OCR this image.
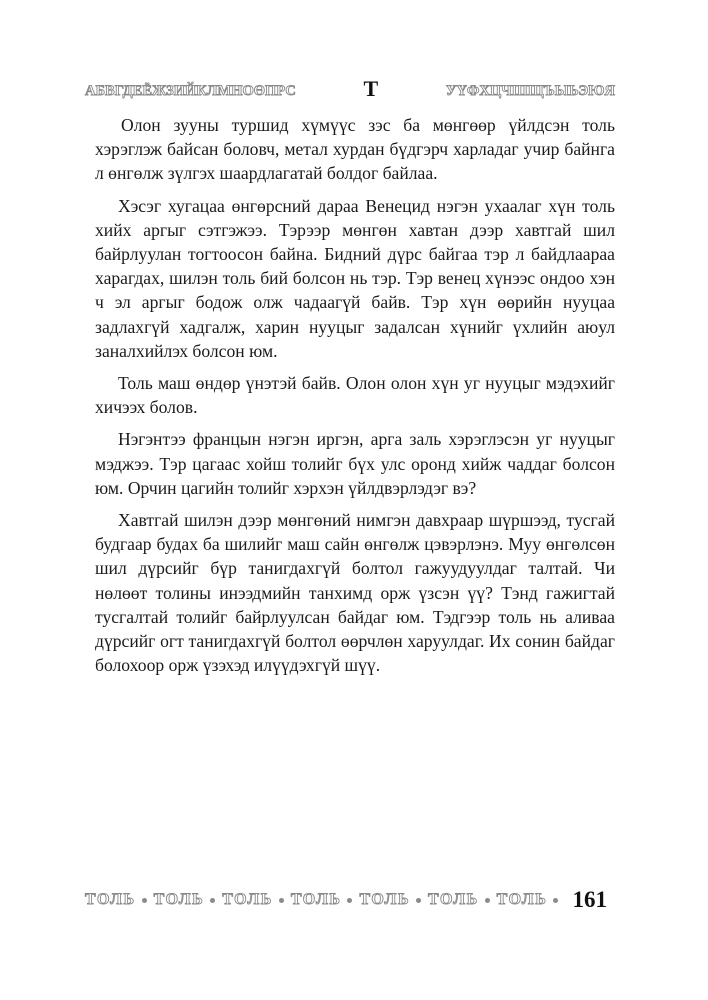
АБВГДЕЁЖЗИЙКЛМНОӨПРС	Т	УҮФХЦЧШЩЪЫЬЭЮЯ

Олон зууны туршид хүмүүс зэс ба мөнгөөр үйлдсэн толь хэрэглэж байсан боловч, метал хурдан бүдгэрч харладаг учир байнга л өнгөлж зүлгэх шаардлагатай болдог байлаа.

Хэсэг хугацаа өнгөрсний дараа Венецид нэгэн ухаалаг хүн толь хийх аргыг сэтгэжээ. Тэрээр мөнгөн хавтан дээр хавтгай шил байрлуулан тогтоосон байна. Бидний дүрс байгаа тэр л байдлаараа харагдах, шилэн толь бий болсон нь тэр. Тэр венец хүнээс ондоо хэн ч эл аргыг бодож олж чадаагүй байв. Тэр хүн өөрийн нууцаа задлахгүй хадгалж, харин нууцыг задалсан хүнийг үхлийн аюул заналхийлэх болсон юм.

Толь маш өндөр үнэтэй байв. Олон олон хүн уг нууцыг мэдэхийг хичээх болов.

Нэгэнтээ францын нэгэн иргэн, арга заль хэрэглэсэн уг нууцыг мэджээ. Тэр цагаас хойш толийг бүх улс оронд хийж чаддаг болсон юм. Орчин цагийн толийг хэрхэн үйлдвэрлэдэг вэ?

Хавтгай шилэн дээр мөнгөний нимгэн давхраар шүршээд, тусгай будгаар будах ба шилийг маш сайн өнгөлж цэвэрлэнэ. Муу өнгөлсөн шил дүрсийг бүр танигдахгүй болтол гажуудуулдаг талтай. Чи нөлөөт толины инээдмийн танхимд орж үзсэн үү? Тэнд гажигтай тусгалтай толийг байрлуулсан байдаг юм. Тэдгээр толь нь аливаа дүрсийг огт танигдахгүй болтол өөрчлөн харуулдаг. Их сонин байдаг болохоор орж үзэхэд илүүдэхгүй шүү.

ТОЛЬ ТОЛЬ ТОЛЬ ТОЛЬ ТОЛЬ ТОЛЬ ТОЛЬ 161
